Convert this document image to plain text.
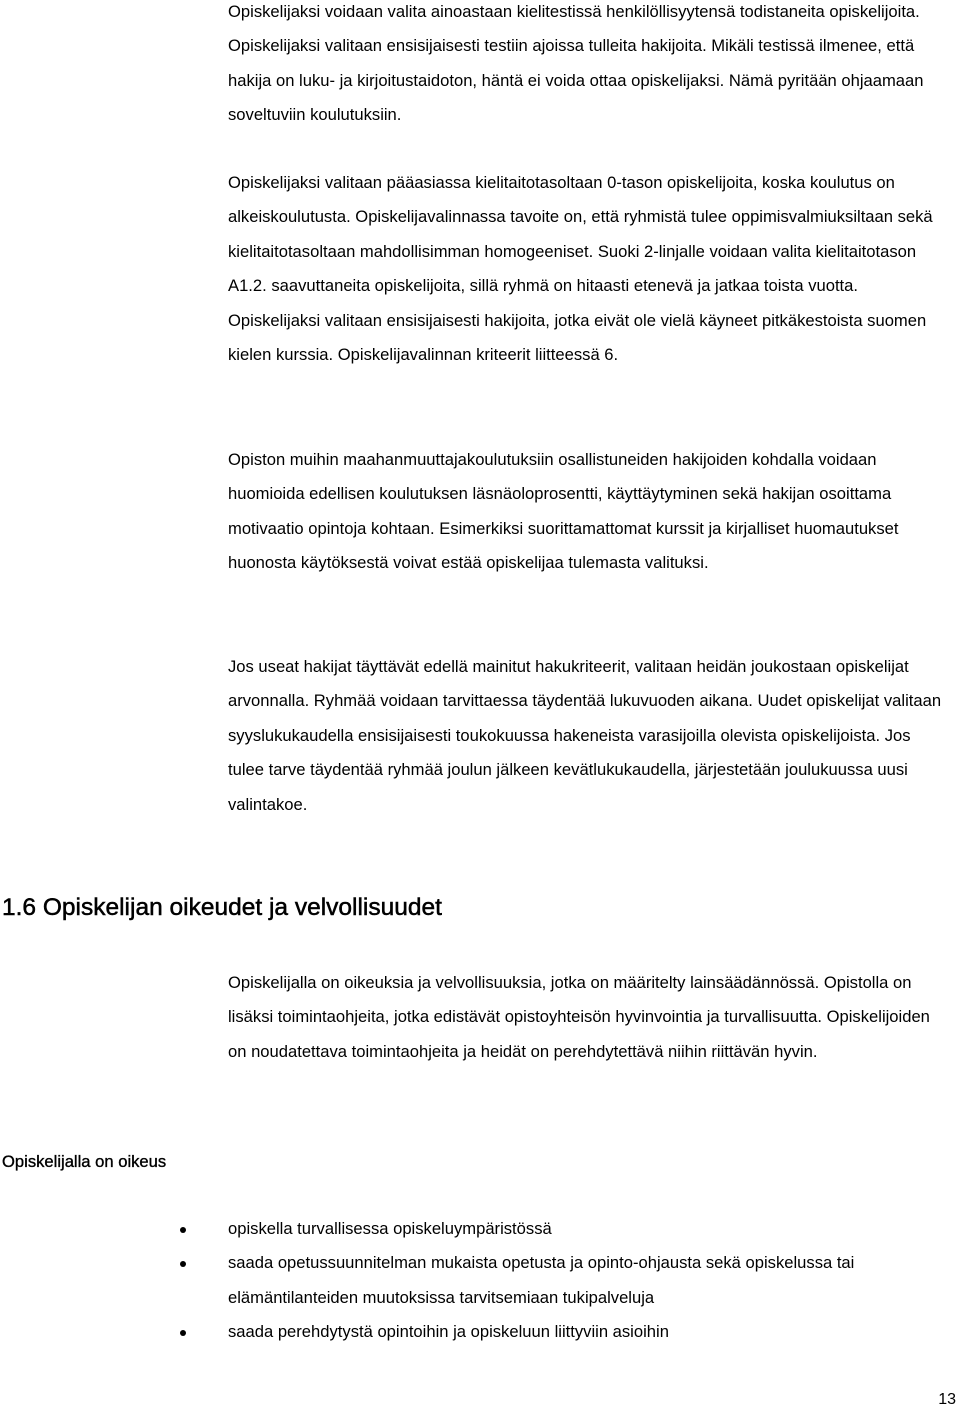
Opiskelijaksi voidaan valita ainoastaan kielitestissä henkilöllisyytensä todistaneita opiskelijoita. Opiskelijaksi valitaan ensisijaisesti testiin ajoissa tulleita hakijoita. Mikäli testissä ilmenee, että hakija on luku- ja kirjoitustaidoton, häntä ei voida ottaa opiskelijaksi. Nämä pyritään ohjaamaan soveltuviin koulutuksiin.

Opiskelijaksi valitaan pääasiassa kielitaitotasoltaan 0-tason opiskelijoita, koska koulutus on alkeiskoulutusta. Opiskelijavalinnassa tavoite on, että ryhmistä tulee oppimisvalmiuksiltaan sekä kielitaitotasoltaan mahdollisimman homogeeniset. Suoki 2-linjalle voidaan valita kielitaitotason A1.2. saavuttaneita opiskelijoita, sillä ryhmä on hitaasti etenevä ja jatkaa toista vuotta. Opiskelijaksi valitaan ensisijaisesti hakijoita, jotka eivät ole vielä käyneet pitkäkestoista suomen kielen kurssia. Opiskelijavalinnan kriteerit liitteessä 6.

Opiston muihin maahanmuuttajakoulutuksiin osallistuneiden hakijoiden kohdalla voidaan huomioida edellisen koulutuksen läsnäoloprosentti, käyttäytyminen sekä hakijan osoittama motivaatio opintoja kohtaan. Esimerkiksi suorittamattomat kurssit ja kirjalliset huomautukset huonosta käytöksestä voivat estää opiskelijaa tulemasta valituksi.

Jos useat hakijat täyttävät edellä mainitut hakukriteerit, valitaan heidän joukostaan opiskelijat arvonnalla. Ryhmää voidaan tarvittaessa täydentää lukuvuoden aikana. Uudet opiskelijat valitaan syyslukukaudella ensisijaisesti toukokuussa hakeneista varasijoilla olevista opiskelijoista. Jos tulee tarve täydentää ryhmää joulun jälkeen kevätlukukaudella, järjestetään joulukuussa uusi valintakoe.

1.6 Opiskelijan oikeudet ja velvollisuudet

Opiskelijalla on oikeuksia ja velvollisuuksia, jotka on määritelty lainsäädännössä. Opistolla on lisäksi toimintaohjeita, jotka edistävät opistoyhteisön hyvinvointia ja turvallisuutta. Opiskelijoiden on noudatettava toimintaohjeita ja heidät on perehdytettävä niihin riittävän hyvin.

Opiskelijalla on oikeus
opiskella turvallisessa opiskeluympäristössä
saada opetussuunnitelman mukaista opetusta ja opinto-ohjausta sekä opiskelussa tai elämäntilanteiden muutoksissa tarvitsemiaan tukipalveluja
saada perehdytystä opintoihin ja opiskeluun liittyviin asioihin
13
